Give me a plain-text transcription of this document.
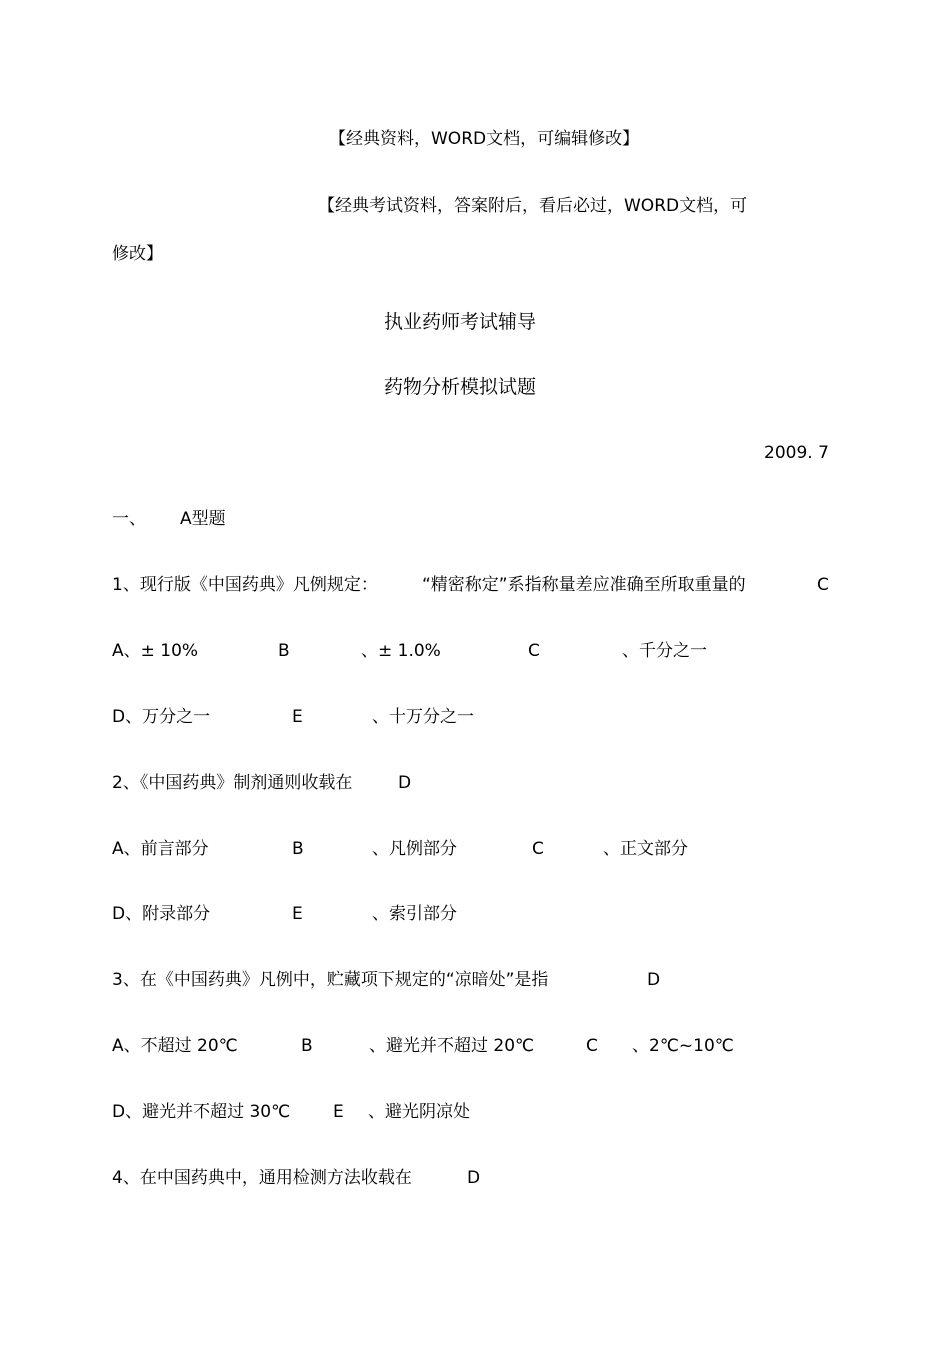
【经典资料，WORD文档，可编辑修改】
【经典考试资料，答案附后，看后必过，WORD文档，可
修改】
执业药师考试辅导
药物分析模拟试题
2009. 7
一、 A型题
1、现行版《中国药典》凡例规定：	“精密称定”系指称量差应准确至所取重量的	C
A、± 10%	B	、± 1.0%	C	、千分之一
D、万分之一	E	、十万分之一
2、《中国药典》制剂通则收载在	D
A、前言部分	B	、凡例部分	C	、正文部分
D、附录部分	E	、索引部分
3、在《中国药典》凡例中，贮藏项下规定的“凉暗处”是指	D
A、不超过 20℃	B	、避光并不超过 20℃	C 、2℃~10℃
D、避光并不超过 30℃	E 、避光阴凉处
4、在中国药典中，通用检测方法收载在	D
